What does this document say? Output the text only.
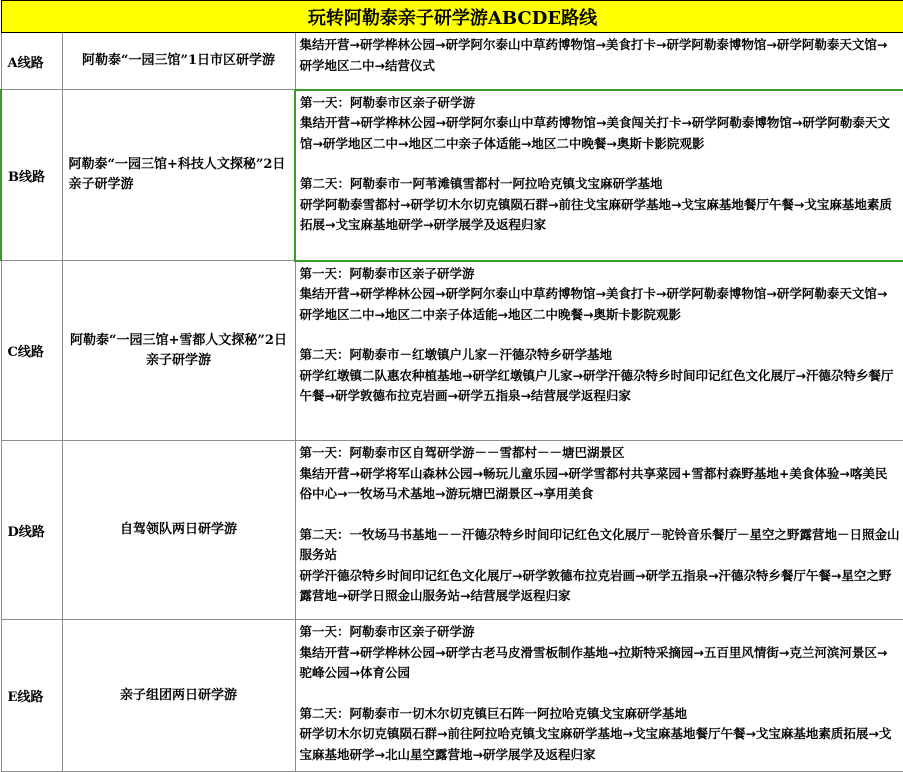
玩转阿勒泰亲子研学游ABCDE路线		
A线路	阿勒泰“一园三馆”1日市区研学游	集结开营→研学桦林公园→研学阿尔泰山中草药博物馆→美食打卡→研学阿勒泰博物馆→研学阿勒泰天文馆→研学地区二中→结营仪式

B线路	阿勒泰“一园三馆+科技人文探秘”2日亲子研学游	第一天：阿勒泰市区亲子研学游
集结开营→研学桦林公园→研学阿尔泰山中草药博物馆→美食闯关打卡→研学阿勒泰博物馆→研学阿勒泰天文馆→研学地区二中→地区二中亲子体适能→地区二中晚餐→奥斯卡影院观影
第二天：阿勒泰市一阿苇滩镇雪都村一阿拉哈克镇戈宝麻研学基地
研学阿勒泰雪都村→研学切木尔切克镇陨石群→前往戈宝麻研学基地→戈宝麻基地餐厅午餐→戈宝麻基地素质拓展→戈宝麻基地研学→研学展学及返程归家

C线路	阿勒泰“一园三馆+雪都人文探秘”2日亲子研学游	第一天：阿勒泰市区亲子研学游
集结开营→研学桦林公园→研学阿尔泰山中草药博物馆→美食打卡→研学阿勒泰博物馆→研学阿勒泰天文馆→研学地区二中→地区二中亲子体适能→地区二中晚餐→奥斯卡影院观影
第二天：阿勒泰市－红墩镇户儿家－汗德尕特乡研学基地
研学红墩镇二队惠农种植基地→研学红墩镇户儿家→研学汗德尕特乡时间印记红色文化展厅→汗德尕特乡餐厅午餐→研学敦德布拉克岩画→研学五指泉→结营展学返程归家

D线路	自驾领队两日研学游	第一天：阿勒泰市区自驾研学游－－雪都村－－塘巴湖景区
集结开营→研学将军山森林公园→畅玩儿童乐园→研学雪都村共享菜园+雪都村森野基地+美食体验→喀美民俗中心→一牧场马术基地→游玩塘巴湖景区→享用美食
第二天：一牧场马书基地－－汗德尕特乡时间印记红色文化展厅－驼铃音乐餐厅－星空之野露营地－日照金山服务站
研学汗德尕特乡时间印记红色文化展厅→研学敦德布拉克岩画→研学五指泉→汗德尕特乡餐厅午餐→星空之野露营地→研学日照金山服务站→结营展学返程归家

E线路	亲子组团两日研学游	第一天：阿勒泰市区亲子研学游
集结开营→研学桦林公园→研学古老马皮滑雪板制作基地→拉斯特采摘园→五百里风情街→克兰河滨河景区→驼峰公园→体育公园
第二天：阿勒泰市一切木尔切克镇巨石阵一阿拉哈克镇戈宝麻研学基地
研学切木尔切克镇陨石群→前往阿拉哈克镇戈宝麻研学基地→戈宝麻基地餐厅午餐→戈宝麻基地素质拓展→戈宝麻基地研学→北山星空露营地→研学展学及返程归家
